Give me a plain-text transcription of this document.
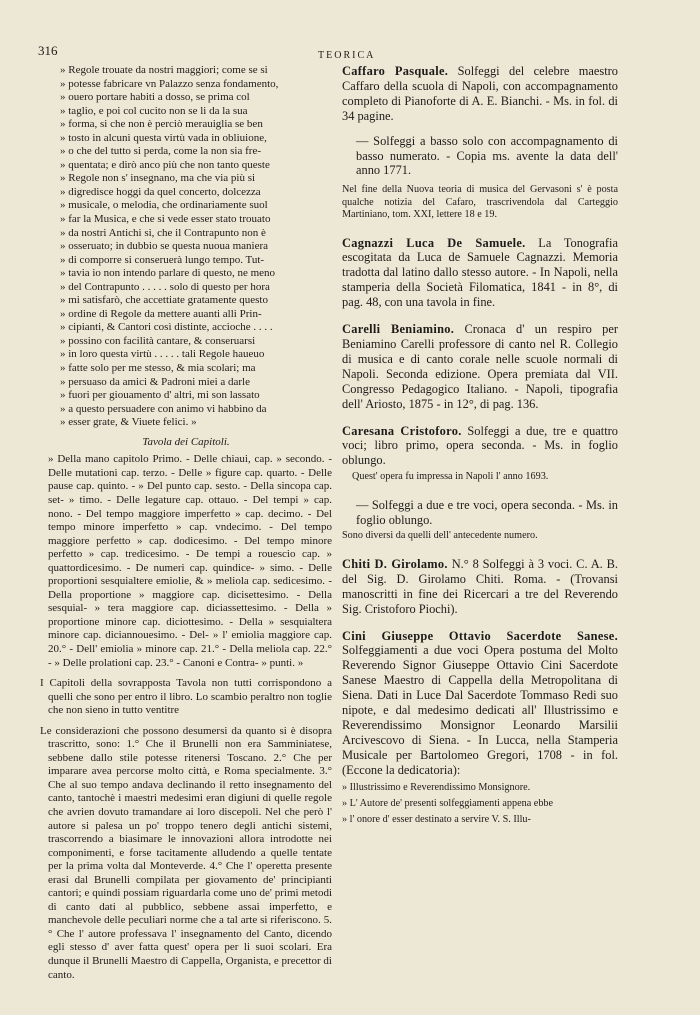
316	TEORICA
» Regole trouate da nostri maggiori; come se si
» potesse fabricare vn Palazzo senza fondamento,
» ouero portare habiti a dosso, se prima col
» taglio, e poi col cucito non se li da la sua
» forma, si che non è perciò merauiglia se ben
» tosto in alcuni questa virtù vada in obliuione,
» o che del tutto si perda, come la non sia fre-
» quentata; e dirò anco più che non tanto queste
» Regole non s' insegnano, ma che via più si
» digredisce hoggi da quel concerto, dolcezza
» musicale, o melodia, che ordinariamente suol
» far la Musica, e che si vede esser stato trouato
» da nostri Antichi si, che il Contrapunto non è
» osseruato; in dubbio se questa nuoua maniera
» di comporre si conseruerà lungo tempo. Tut-
» tavia io non intendo parlare di questo, ne meno
» del Contrapunto . . . . . solo di questo per hora
» mi satisfarò, che accettiate gratamente questo
» ordine di Regole da mettere auanti alli Prin-
» cipianti, & Cantori così distinte, accioche . . . .
» possino con facilità cantare, & conseruarsi
» in loro questa virtù . . . . . tali Regole haueuo
» fatte solo per me stesso, & mia scolari; ma
» persuaso da amici & Padroni miei a darle
» fuori per giouamento d' altri, mi son lassato
» a questo persuadere con animo vi habbino da
» esser grate, & Viuete felici. »
Tavola dei Capitoli.

» Della mano capitolo Primo. - Delle chiaui, cap. » secondo. - Delle mutationi cap. terzo. - Delle » figure cap. quarto. - Delle pause cap. quinto. - » Del punto cap. sesto. - Della sincopa cap. set- » timo. - Delle legature cap. ottauo. - Del tempi » cap. nono. - Del tempo maggiore imperfetto » cap. decimo. - Del tempo minore imperfetto » cap. vndecimo. - Del tempo maggiore perfetto » cap. dodicesimo. - Del tempo minore perfetto » cap. tredicesimo. - De tempi a rouescio cap. » quattordicesimo. - De numeri cap. quindice- » simo. - Delle proportioni sesquialtere emiolie, & » meliola cap. sedicesimo. - Della proportione » maggiore cap. dicisettesimo. - Della sesquial- » tera maggiore cap. diciassettesimo. - Della » proportione minore cap. diciottesimo. - Della » sesquialtera minore cap. diciannouesimo. - Del- » l' emiolia maggiore cap. 20.° - Dell' emiolia » minore cap. 21.° - Della meliola cap. 22.° - » Delle prolationi cap. 23.° - Canoni e Contra- » punti. »

I Capitoli della sovrapposta Tavola non tutti corrispondono a quelli che sono per entro il libro. Lo scambio peraltro non toglie che non sieno in tutto ventitre

Le considerazioni che possono desumersi da quanto si è disopra trascritto, sono: 1.° Che il Brunelli non era Samminiatese, sebbene dallo stile potesse ritenersi Toscano. 2.° Che per imparare avea percorse molto città, e Roma specialmente. 3.° Che al suo tempo andava declinando il retto insegnamento del canto, tantochè i maestri medesimi eran digiuni di quelle regole che avrien dovuto tramandare ai loro discepoli. Nel che però l' autore si palesa un po' troppo tenero degli antichi sistemi, trascorrendo a biasimare le innovazioni allora introdotte nei componimenti, e forse tacitamente alludendo a quelle tentate per la prima volta dal Monteverde. 4.° Che l' operetta presente erasi dal Brunelli compilata per giovamento de' principianti cantori; e quindi possiam riguardarla come uno de' primi metodi di canto dati al pubblico, sebbene assai imperfetto, e manchevole delle peculiari norme che a tal arte si riferiscono. 5.° Che l' autore professava l' insegnamento del Canto, dicendo egli stesso d' aver fatta quest' opera per li suoi scolari. Era dunque il Brunelli Maestro di Cappella, Organista, e precettor di canto.

Caffaro Pasquale. Solfeggi del celebre maestro Caffaro della scuola di Napoli, con accompagnamento completo di Pianoforte di A. E. Bianchi. - Ms. in fol. di 34 pagine.

— Solfeggi a basso solo con accompagnamento di basso numerato. - Copia ms. avente la data dell' anno 1771.

Nel fine della Nuova teoria di musica del Gervasoni s' è posta qualche notizia del Cafaro, trascrivendola dal Carteggio Martiniano, tom. XXI, lettere 18 e 19.

Cagnazzi Luca De Samuele. La Tonografia escogitata da Luca de Samuele Cagnazzi. Memoria tradotta dal latino dallo stesso autore. - In Napoli, nella stamperia della Società Filomatica, 1841 - in 8°, di pag. 48, con una tavola in fine.
Carelli Beniamino. Cronaca d' un respiro per Beniamino Carelli professore di canto nel R. Collegio di musica e di canto corale nelle scuole normali di Napoli. Seconda edizione. Opera premiata dal VII. Congresso Pedagogico Italiano. - Napoli, tipografia dell' Ariosto, 1875 - in 12°, di pag. 136.
Caresana Cristoforo. Solfeggi a due, tre e quattro voci; libro primo, opera seconda. - Ms. in foglio oblungo.

Quest' opera fu impressa in Napoli l' anno 1693.

— Solfeggi a due e tre voci, opera seconda. - Ms. in foglio oblungo.

Sono diversi da quelli dell' antecedente numero.

Chiti D. Girolamo. N.° 8 Solfeggi à 3 voci. C. A. B. del Sig. D. Girolamo Chiti. Roma. - (Trovansi manoscritti in fine dei Ricercari a tre del Reverendo Sig. Cristoforo Piochi).
Cini Giuseppe Ottavio Sacerdote Sanese. Solfeggiamenti a due voci Opera postuma del Molto Reverendo Signor Giuseppe Ottavio Cini Sacerdote Sanese Maestro di Cappella della Metropolitana di Siena. Dati in Luce Dal Sacerdote Tommaso Redi suo nipote, e dal medesimo dedicati all' Illustrissimo e Reverendissimo Monsignor Leonardo Marsilii Arcivescovo di Siena. - In Lucca, nella Stamperia Musicale per Bartolomeo Gregori, 1708 - in fol. (Eccone la dedicatoria):

» Illustrissimo e Reverendissimo Monsignore.

» L' Autore de' presenti solfeggiamenti appena ebbe

» l' onore d' esser destinato a servire V. S. Illu-
